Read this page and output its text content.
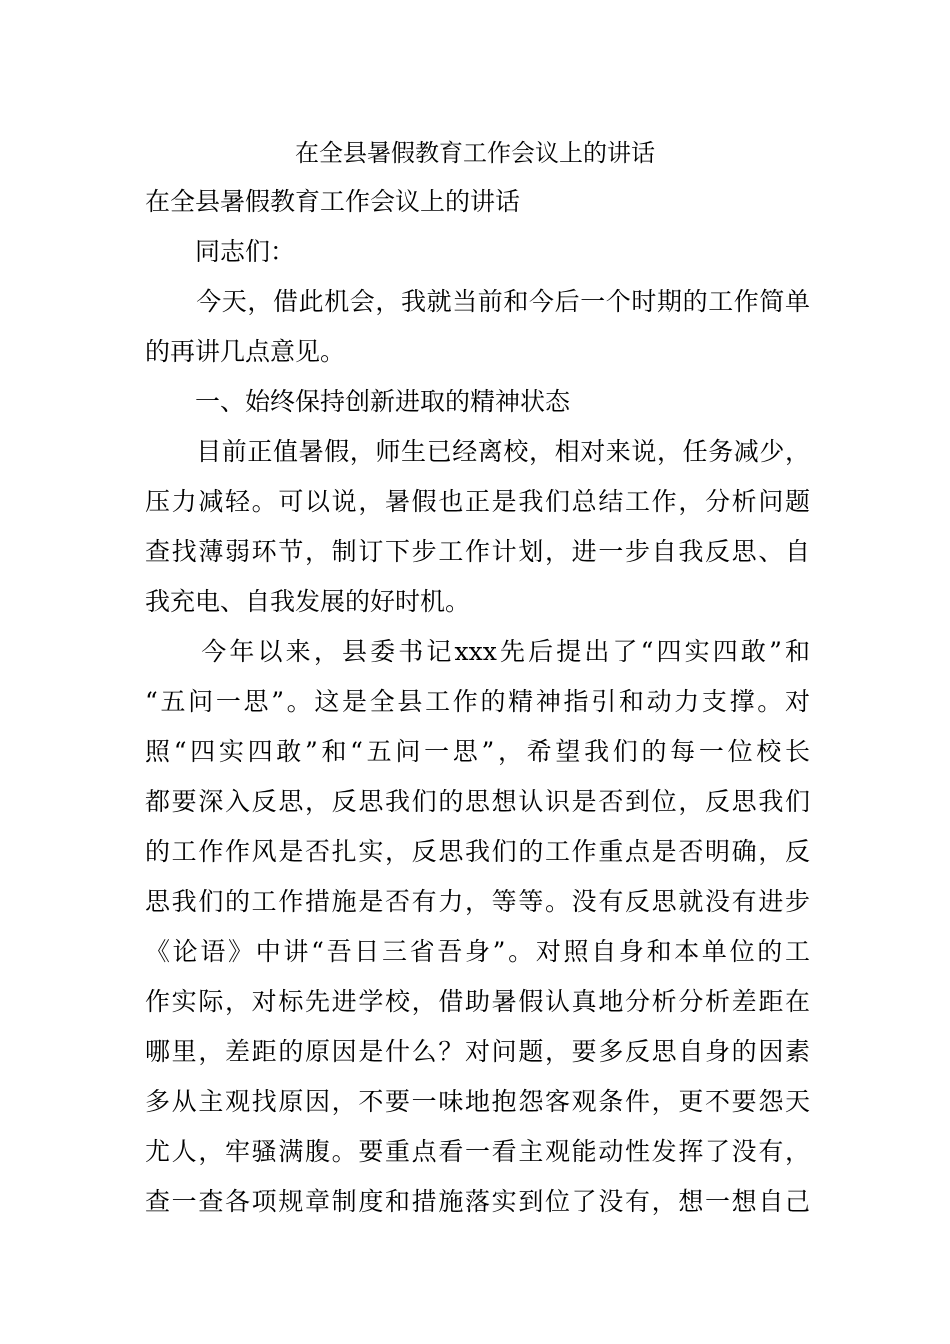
在全县暑假教育工作会议上的讲话
在全县暑假教育工作会议上的讲话
　　同志们：
　　今天，借此机会，我就当前和今后一个时期的工作简单
的再讲几点意见。
　　一、始终保持创新进取的精神状态
　　目前正值暑假，师生已经离校，相对来说，任务减少，
压力减轻。可以说，暑假也正是我们总结工作，分析问题
查找薄弱环节，制订下步工作计划，进一步自我反思、自
我充电、自我发展的好时机。
　　今年以来，县委书记xxx先后提出了“四实四敢”和
“五问一思”。这是全县工作的精神指引和动力支撑。对
照“四实四敢”和“五问一思”，希望我们的每一位校长
都要深入反思，反思我们的思想认识是否到位，反思我们
的工作作风是否扎实，反思我们的工作重点是否明确，反
思我们的工作措施是否有力，等等。没有反思就没有进步
《论语》中讲“吾日三省吾身”。对照自身和本单位的工
作实际，对标先进学校，借助暑假认真地分析分析差距在
哪里，差距的原因是什么？对问题，要多反思自身的因素
多从主观找原因，不要一味地抱怨客观条件，更不要怨天
尤人，牢骚满腹。要重点看一看主观能动性发挥了没有，
查一查各项规章制度和措施落实到位了没有，想一想自己
